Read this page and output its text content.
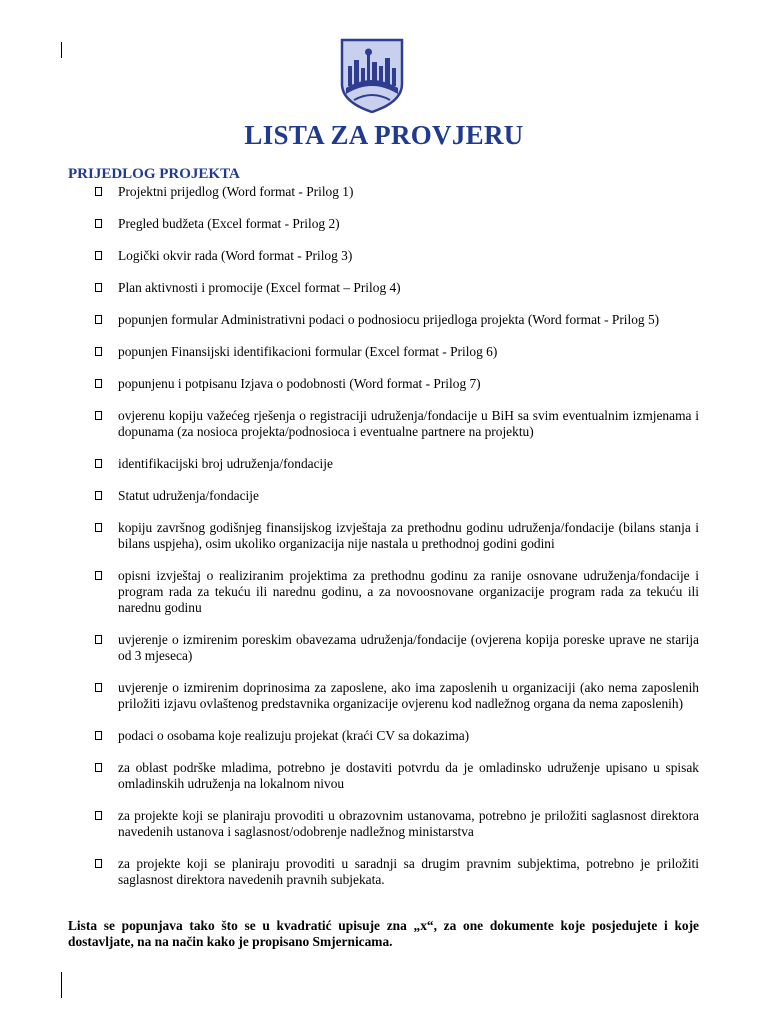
LISTA ZA PROVJERU
PRIJEDLOG PROJEKTA
Projektni prijedlog (Word format - Prilog 1)
Pregled budžeta (Excel format - Prilog 2)
Logički okvir rada (Word format - Prilog 3)
Plan aktivnosti i promocije (Excel format – Prilog 4)
popunjen formular Administrativni podaci o podnosiocu prijedloga projekta (Word format - Prilog 5)
popunjen Finansijski identifikacioni formular (Excel format - Prilog 6)
popunjenu i potpisanu Izjava o podobnosti (Word format - Prilog 7)
ovjerenu kopiju važećeg rješenja o registraciji udruženja/fondacije u BiH sa svim eventualnim izmjenama i dopunama (za nosioca projekta/podnosioca i eventualne partnere na projektu)
identifikacijski broj udruženja/fondacije
Statut udruženja/fondacije
kopiju završnog godišnjeg finansijskog izvještaja za prethodnu godinu udruženja/fondacije (bilans stanja i bilans uspjeha), osim ukoliko organizacija nije nastala u prethodnoj godini godini
opisni izvještaj o realiziranim projektima za prethodnu godinu za ranije osnovane udruženja/fondacije i program rada za tekuću ili narednu godinu, a za novoosnovane organizacije program rada za tekuću ili narednu godinu
uvjerenje o izmirenim poreskim obavezama udruženja/fondacije (ovjerena kopija poreske uprave ne starija od 3 mjeseca)
uvjerenje o izmirenim doprinosima za zaposlene, ako ima zaposlenih u organizaciji (ako nema zaposlenih priložiti izjavu ovlaštenog predstavnika organizacije ovjerenu kod nadležnog organa da nema zaposlenih)
podaci o osobama koje realizuju projekat (kraći CV sa dokazima)
za oblast podrške mladima, potrebno je dostaviti potvrdu da je omladinsko udruženje upisano u spisak omladinskih udruženja na lokalnom nivou
za projekte koji se planiraju provoditi u obrazovnim ustanovama, potrebno je priložiti saglasnost direktora navedenih ustanova i saglasnost/odobrenje nadležnog ministarstva
za projekte koji se planiraju provoditi u saradnji sa drugim pravnim subjektima, potrebno je priložiti saglasnost direktora navedenih pravnih subjekata.
Lista se popunjava tako što se u kvadratić upisuje zna „x“, za one dokumente koje posjedujete i koje dostavljate, na na način kako je propisano Smjernicama.
